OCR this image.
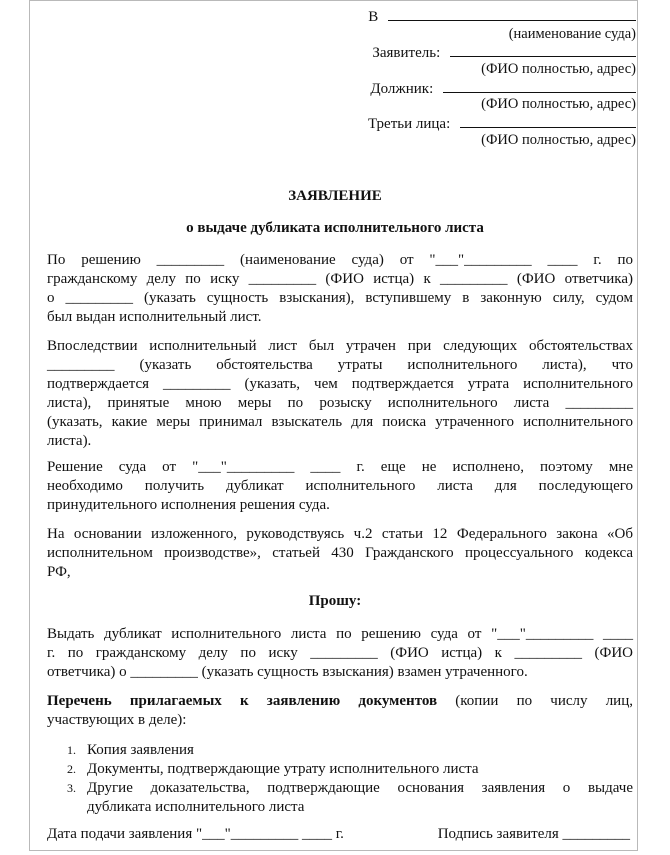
В
(наименование суда)
Заявитель:
(ФИО полностью, адрес)
Должник:
(ФИО полностью, адрес)
Третьи лица:
(ФИО полностью, адрес)
ЗАЯВЛЕНИЕ
о выдаче дубликата исполнительного листа
По решению _________ (наименование суда) от "___"_________ ____ г. по
гражданскому делу по иску _________ (ФИО истца) к _________ (ФИО ответчика)
о _________ (указать сущность взыскания), вступившему в законную силу, судом
был выдан исполнительный лист.
Впоследствии исполнительный лист был утрачен при следующих обстоятельствах
_________ (указать обстоятельства утраты исполнительного листа), что
подтверждается _________ (указать, чем подтверждается утрата исполнительного
листа), принятые мною меры по розыску исполнительного листа _________
(указать, какие меры принимал взыскатель для поиска утраченного исполнительного
листа).
Решение суда от "___"_________ ____ г. еще не исполнено, поэтому мне
необходимо получить дубликат исполнительного листа для последующего
принудительного исполнения решения суда.
На основании изложенного, руководствуясь ч.2 статьи 12 Федерального закона «Об
исполнительном производстве», статьей 430 Гражданского процессуального кодекса
РФ,
Прошу:
Выдать дубликат исполнительного листа по решению суда от "___"_________ ____
г. по гражданскому делу по иску _________ (ФИО истца) к _________ (ФИО
ответчика) о _________ (указать сущность взыскания) взамен утраченного.
Перечень прилагаемых к заявлению документов (копии по числу лиц,
участвующих в деле):
1. Копия заявления
2. Документы, подтверждающие утрату исполнительного листа
3. Другие доказательства, подтверждающие основания заявления о выдаче
дубликата исполнительного листа
Дата подачи заявления "___"_________ ____ г.	Подпись заявителя _________
